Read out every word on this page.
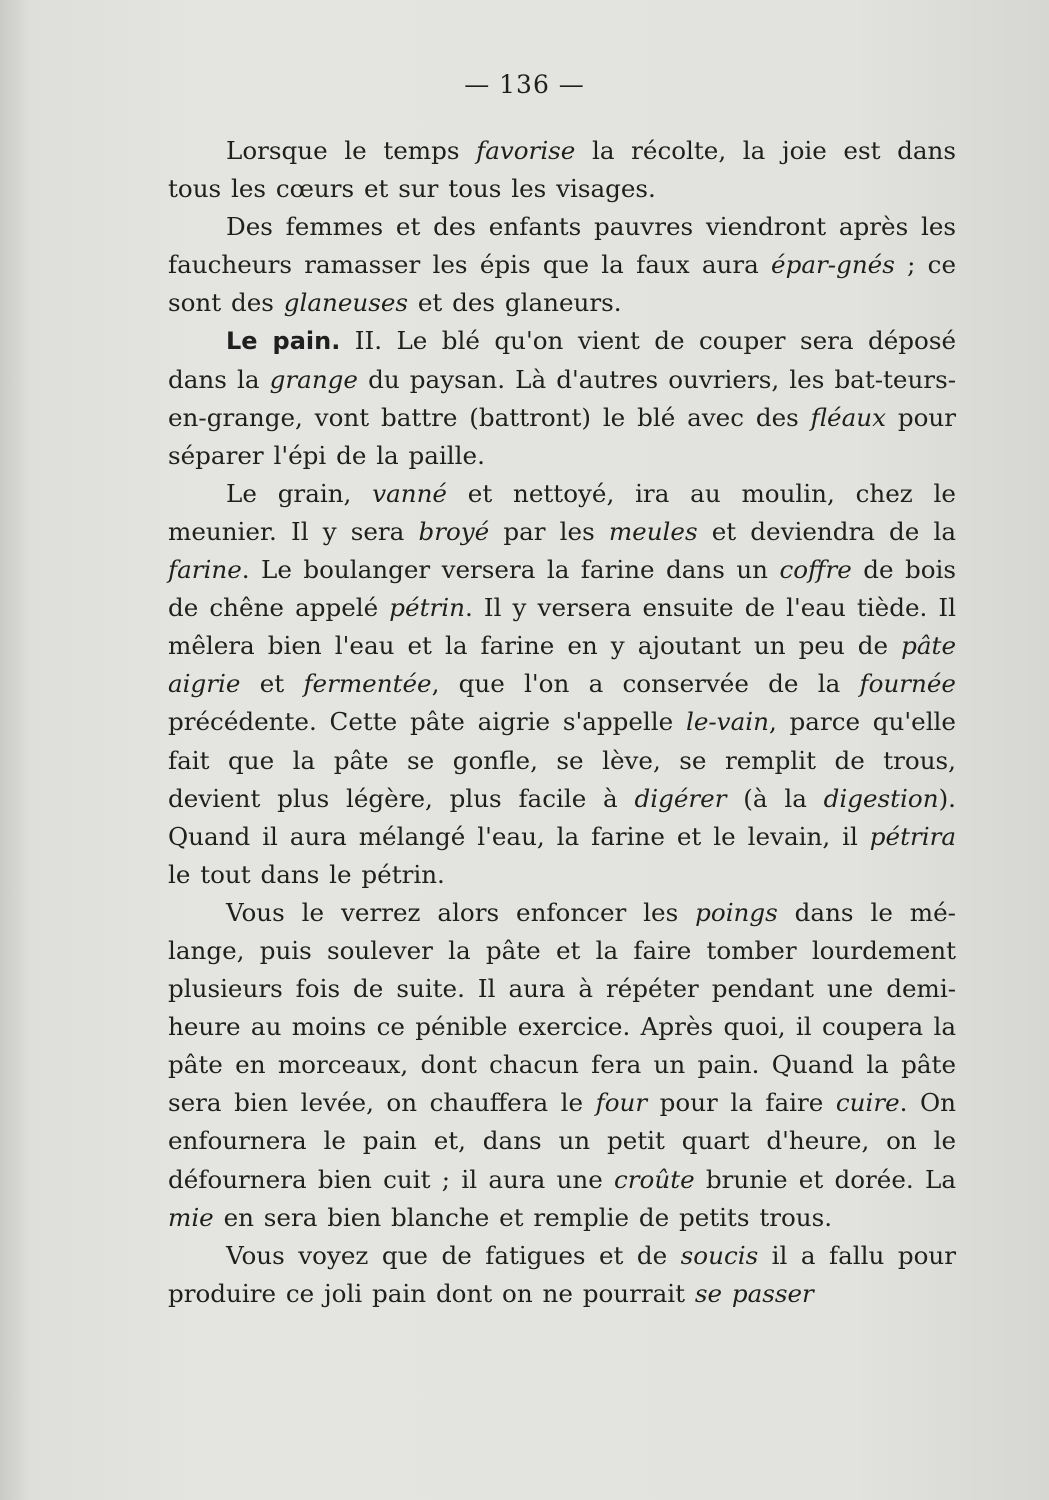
— 136 —

Lorsque le temps favorise la récolte, la joie est dans tous les cœurs et sur tous les visages.

Des femmes et des enfants pauvres viendront après les faucheurs ramasser les épis que la faux aura épar-gnés ; ce sont des glaneuses et des glaneurs.

Le pain. II. Le blé qu'on vient de couper sera déposé dans la grange du paysan. Là d'autres ouvriers, les bat-teurs-en-grange, vont battre (battront) le blé avec des fléaux pour séparer l'épi de la paille.

Le grain, vanné et nettoyé, ira au moulin, chez le meunier. Il y sera broyé par les meules et deviendra de la farine. Le boulanger versera la farine dans un coffre de bois de chêne appelé pétrin. Il y versera ensuite de l'eau tiède. Il mêlera bien l'eau et la farine en y ajoutant un peu de pâte aigrie et fermentée, que l'on a conservée de la fournée précédente. Cette pâte aigrie s'appelle le-vain, parce qu'elle fait que la pâte se gonfle, se lève, se remplit de trous, devient plus légère, plus facile à digérer (à la digestion). Quand il aura mélangé l'eau, la farine et le levain, il pétrira le tout dans le pétrin.

Vous le verrez alors enfoncer les poings dans le mé-lange, puis soulever la pâte et la faire tomber lourdement plusieurs fois de suite. Il aura à répéter pendant une demi-heure au moins ce pénible exercice. Après quoi, il coupera la pâte en morceaux, dont chacun fera un pain. Quand la pâte sera bien levée, on chauffera le four pour la faire cuire. On enfournera le pain et, dans un petit quart d'heure, on le défournera bien cuit ; il aura une croûte brunie et dorée. La mie en sera bien blanche et remplie de petits trous.

Vous voyez que de fatigues et de soucis il a fallu pour produire ce joli pain dont on ne pourrait se passer
